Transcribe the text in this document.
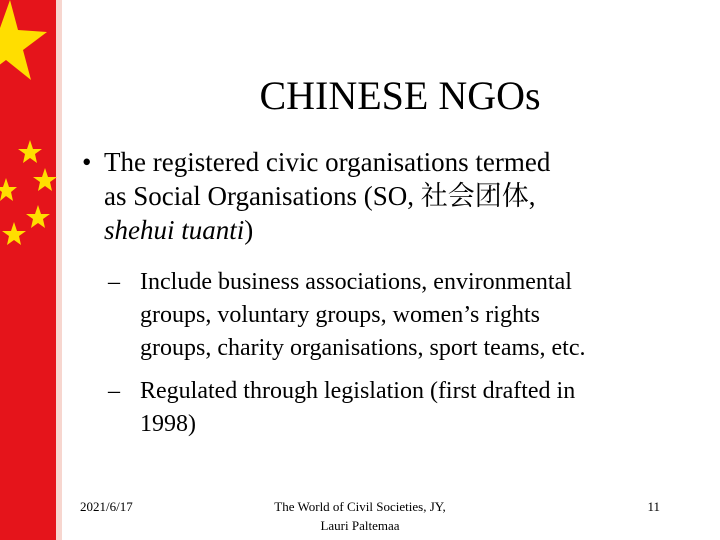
CHINESE NGOs
• The registered civic organisations termed
as Social Organisations (SO, 社会团体,
shehui tuanti)
– Include business associations, environmental
groups, voluntary groups, women’s rights
groups, charity organisations, sport teams, etc.
– Regulated through legislation (first drafted in
1998)
2021/6/17	The World of Civil Societies, JY,
Lauri Paltemaa
11
